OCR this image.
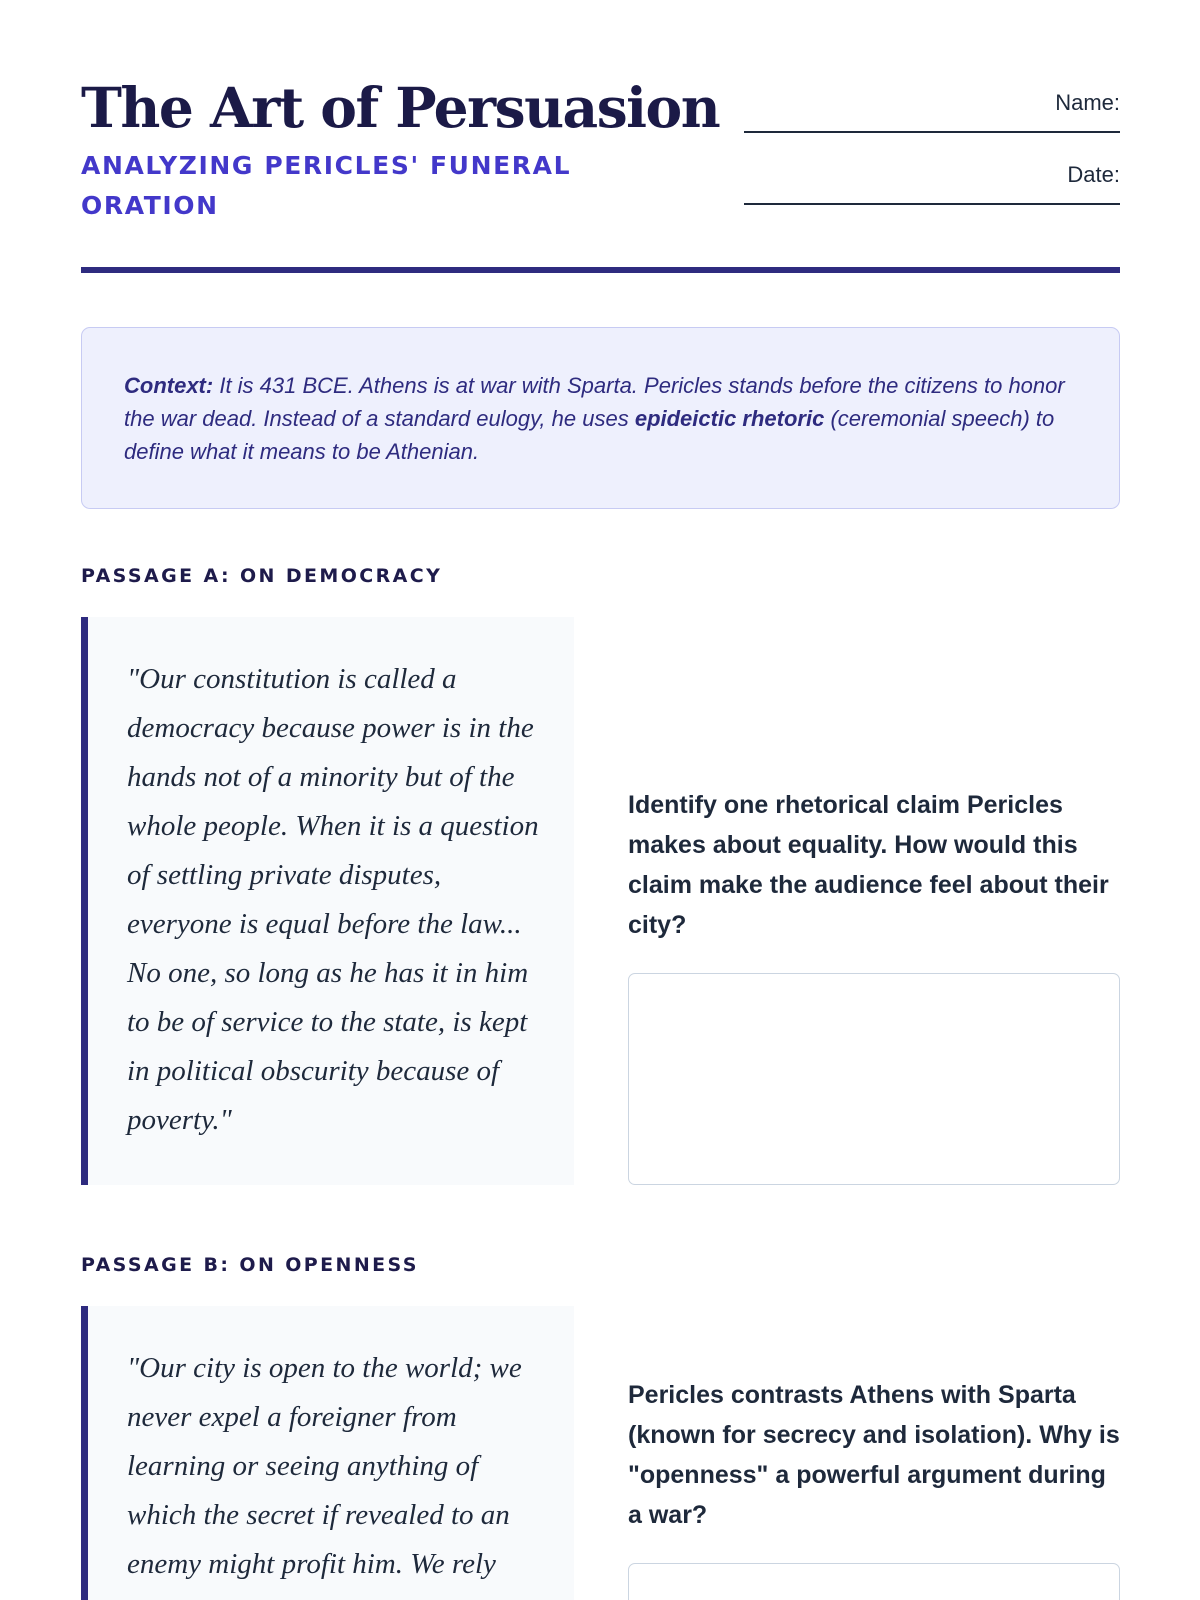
The Art of Persuasion
ANALYZING PERICLES' FUNERAL ORATION
Name:
Date:

Context: It is 431 BCE. Athens is at war with Sparta. Pericles stands before the citizens to honor the war dead. Instead of a standard eulogy, he uses epideictic rhetoric (ceremonial speech) to define what it means to be Athenian.

PASSAGE A: ON DEMOCRACY

"Our constitution is called a democracy because power is in the hands not of a minority but of the whole people. When it is a question of settling private disputes, everyone is equal before the law... No one, so long as he has it in him to be of service to the state, is kept in political obscurity because of poverty."

Identify one rhetorical claim Pericles makes about equality. How would this claim make the audience feel about their city?

PASSAGE B: ON OPENNESS

"Our city is open to the world; we never expel a foreigner from learning or seeing anything of which the secret if revealed to an enemy might profit him. We rely

Pericles contrasts Athens with Sparta (known for secrecy and isolation). Why is "openness" a powerful argument during a war?
